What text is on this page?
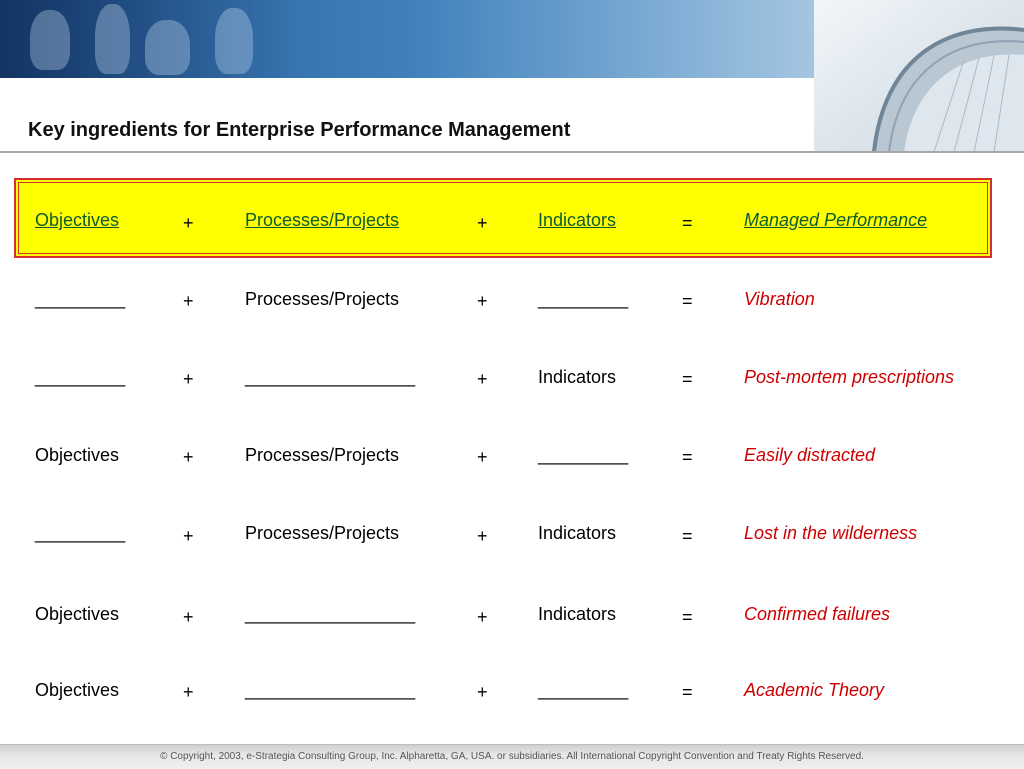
Key ingredients for Enterprise Performance Management
Objectives	+	Processes/Projects	+	Indicators	=	Managed Performance
_________	+	Processes/Projects	+	_________	=	Vibration
_________	+	_________________	+	Indicators	=	Post-mortem prescriptions
Objectives	+	Processes/Projects	+	_________	=	Easily distracted
_________	+	Processes/Projects	+	Indicators	=	Lost in the wilderness
Objectives	+	_________________	+	Indicators	=	Confirmed failures
Objectives	+	_________________	+	_________	=	Academic Theory
© Copyright, 2003, e-Strategia Consulting Group, Inc. Alpharetta, GA, USA. or subsidiaries. All International Copyright Convention and Treaty Rights Reserved.
